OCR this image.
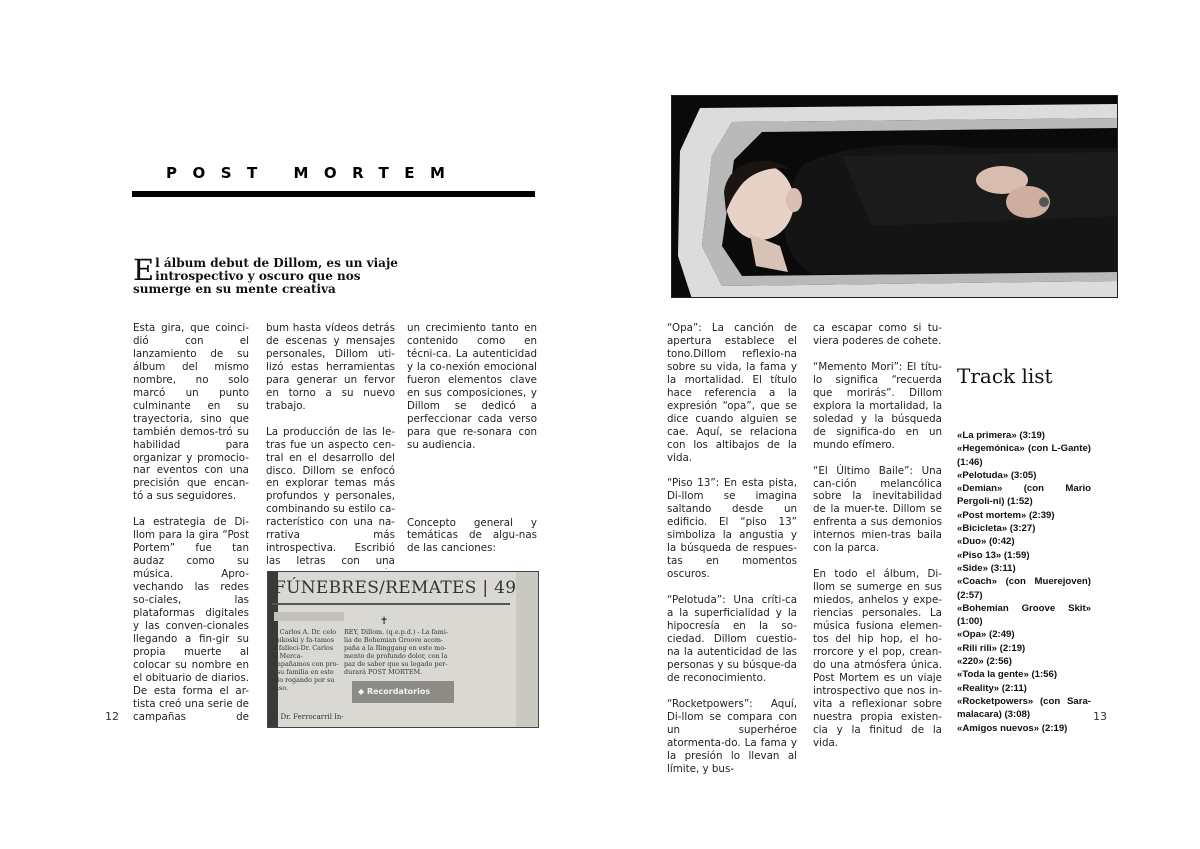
POST MORTEM
E l álbum debut de Dillom, es un viaje introspectivo y oscuro que nos sumerge en su mente creativa

Esta gira, que coinci-dió con el lanzamiento de su álbum del mismo nombre, no solo marcó un punto culminante en su trayectoria, sino que también demos-tró su habilidad para organizar y promocio-nar eventos con una precisión que encan-tó a sus seguidores.

La estrategia de Di-llom para la gira “Post Portem” fue tan audaz como su música. Apro-vechando las redes so-ciales, las plataformas digitales y las conven-cionales llegando a fin-gir su propia muerte al colocar su nombre en el obituario de diarios. De esta forma el ar-tista creó una serie de campañas de

bum hasta vídeos detrás de escenas y mensajes personales, Dillom uti-lizó estas herramientas para generar un fervor en torno a su nuevo trabajo.

La producción de las le-tras fue un aspecto cen-tral en el desarrollo del disco. Dillom se enfocó en explorar temas más profundos y personales, combinando su estilo ca-racterístico con una na-rrativa más introspectiva. Escribió las letras con una

un crecimiento tanto en contenido como en técni-ca. La autenticidad y la co-nexión emocional fueron elementos clave en sus composiciones, y Dillom se dedicó a perfeccionar cada verso para que re-sonara con su audiencia.

Concepto general y temáticas de algu-nas de las canciones:

FÚNEBRES/REMATES | 49
✝
E, Carlos A. Dr. celo Zbikoski y fa-tamos el falleci-Dr. Carlos A. Merca-ompañamos con pro-a su familia en este ndo rogando por su anso.
REY, Dillom. (q.e.p.d.) - La fami-lia de Bohemian Groove acom-paña a la Ringgang en este mo-mento de profundo dolor, con la paz de saber que su legado per-durará POST MORTEM.
◆ Recordatorios
A. Dr. Ferrocarril In-
12

“Opa”: La canción de apertura establece el tono.Dillom reflexio-na sobre su vida, la fama y la mortalidad. El título hace referencia a la expresión “opa”, que se dice cuando alguien se cae. Aquí, se relaciona con los altibajos de la vida.

“Piso 13”: En esta pista, Di-llom se imagina saltando desde un edificio. El “piso 13” simboliza la angustia y la búsqueda de respues-tas en momentos oscuros.

“Pelotuda”: Una críti-ca a la superficialidad y la hipocresía en la so-ciedad. Dillom cuestio-na la autenticidad de las personas y su búsque-da de reconocimiento.

“Rocketpowers”: Aquí, Di-llom se compara con un superhéroe atormenta-do. La fama y la presión lo llevan al límite, y bus-

ca escapar como si tu-viera poderes de cohete.

“Memento Mori”: El títu-lo significa “recuerda que morirás”. Dillom explora la mortalidad, la soledad y la búsqueda de significa-do en un mundo efímero.

“El Último Baile”: Una can-ción melancólica sobre la inevitabilidad de la muer-te. Dillom se enfrenta a sus demonios internos mien-tras baila con la parca.

En todo el álbum, Di-llom se sumerge en sus miedos, anhelos y expe-riencias personales. La música fusiona elemen-tos del hip hop, el ho-rrorcore y el pop, crean-do una atmósfera única. Post Mortem es un viaje introspectivo que nos in-vita a reflexionar sobre nuestra propia existen-cia y la finitud de la vida.

Track list
«La primera» (3:19)
«Hegemónica» (con L-Gante) (1:46)
«Pelotuda» (3:05)
«Demian» (con Mario Pergoli-ni) (1:52)
«Post mortem» (2:39)
«Bicicleta» (3:27)
«Duo» (0:42)
«Piso 13» (1:59)
«Side» (3:11)
«Coach» (con Muerejoven) (2:57)
«Bohemian Groove Skit» (1:00)
«Opa» (2:49)
«Rili rili» (2:19)
«220» (2:56)
«Toda la gente» (1:56)
«Reality» (2:11)
«Rocketpowers» (con Sara-malacara) (3:08)
«Amigos nuevos» (2:19)
13
